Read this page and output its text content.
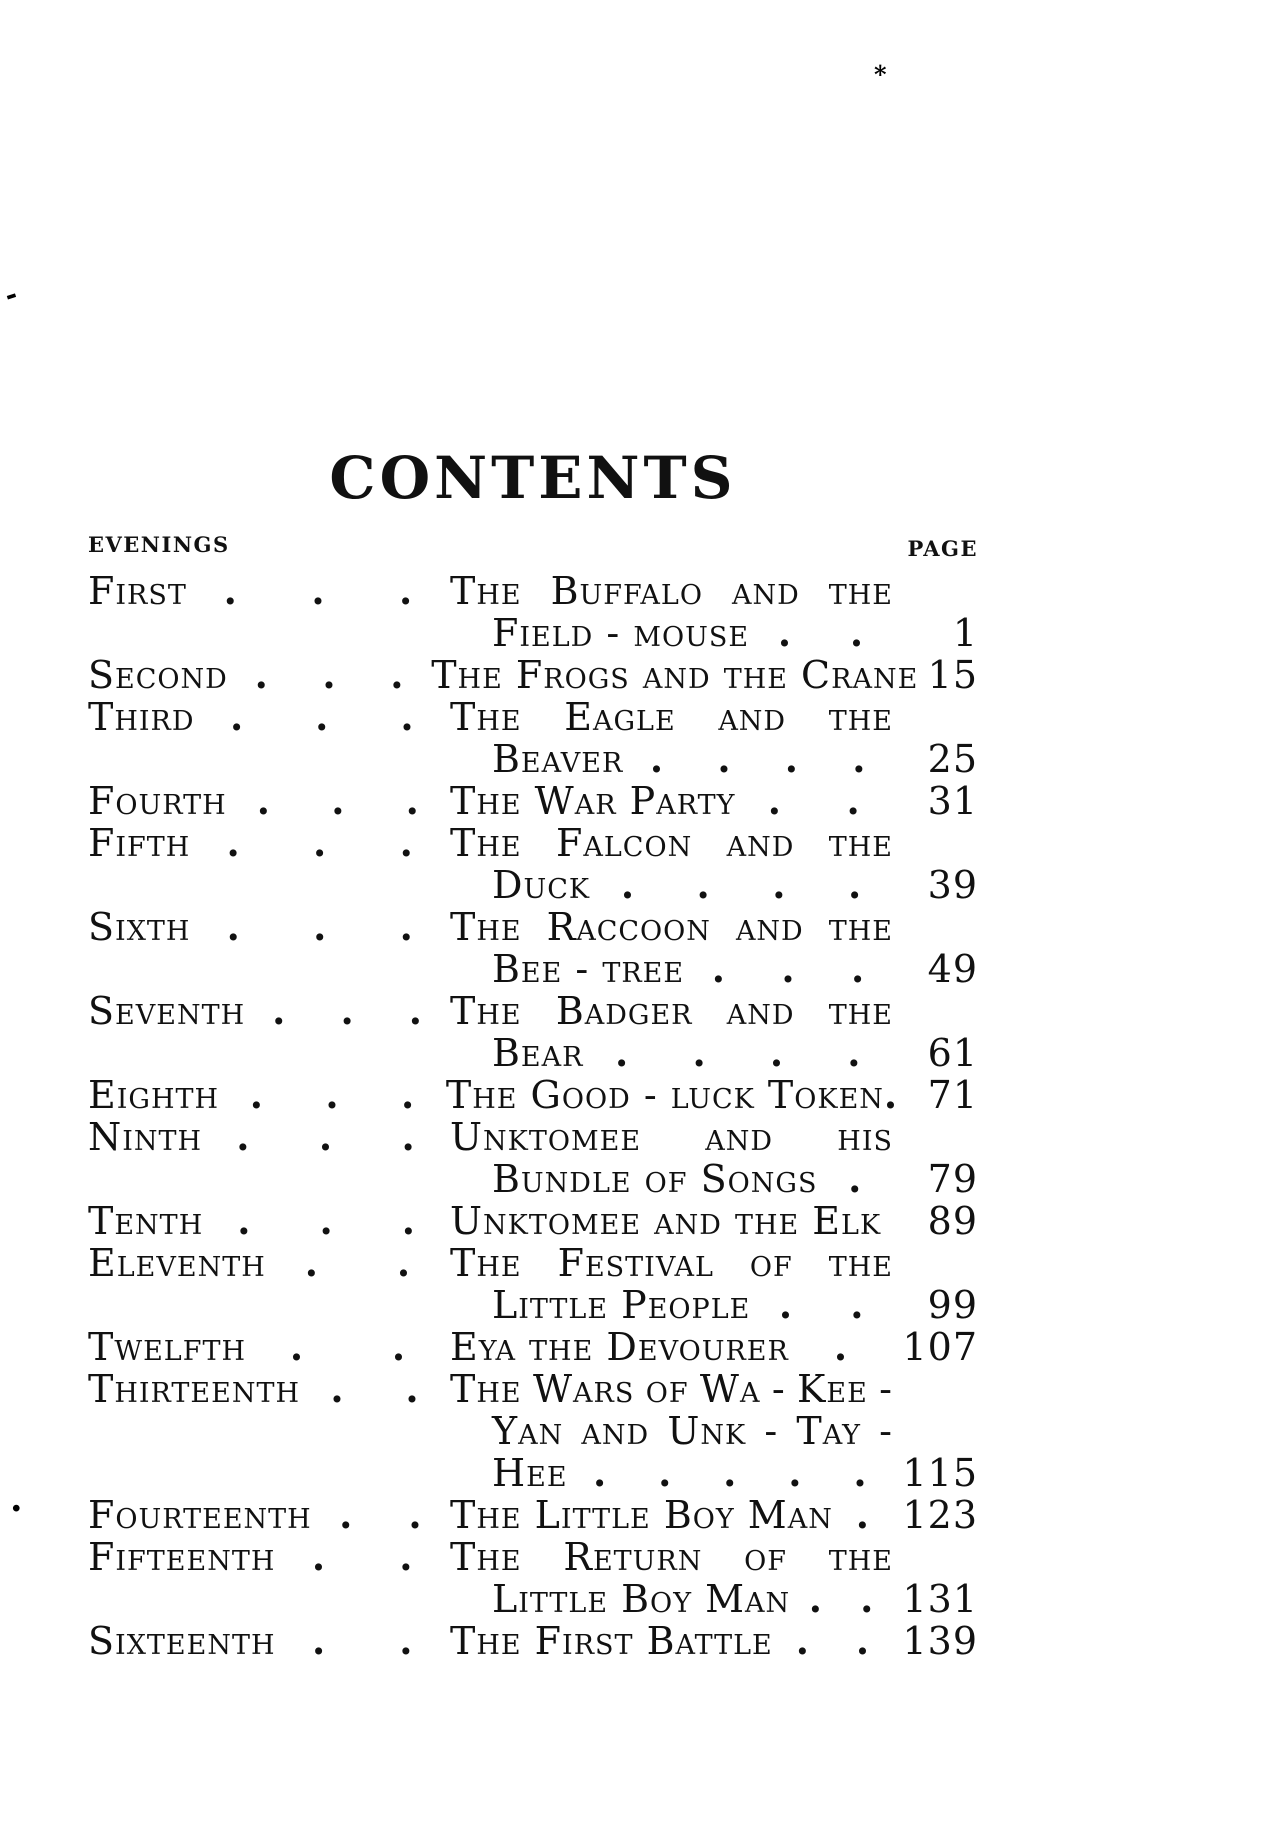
*
-
.
CONTENTS
EVENINGS	PAGE
First .	.	. The Buffalo and the
Field - mouse .	.	1
Second .	.	. The Frogs and the Crane 15
Third .	.	. The Eagle and the
Beaver .	.	.	.	25
Fourth .	.	. The War Party .	.	31
Fifth .	.	. The Falcon and the
Duck .	.	.	.	39
Sixth .	.	. The Raccoon and the
Bee - tree .	.	.	49
Seventh .	.	. The Badger and the
Bear .	.	.	.	61
Eighth .	.	. The Good - luck Token . 71
Ninth .	.	. Unktomee and his
Bundle of Songs .	79
Tenth .	.	. Unktomee and the Elk	89
Eleventh	.	.	The Festival of the
Little People .	.	99
Twelfth	.	.	Eya the Devourer	.	107
Thirteenth .	. The Wars of Wa - Kee -
Yan and Unk - Tay -
Hee .	.	.	.	. 115
Fourteenth .	. The Little Boy Man . 123
Fifteenth .	. The Return of the
Little Boy Man . . 131
Sixteenth .	. The First Battle .	. 139
